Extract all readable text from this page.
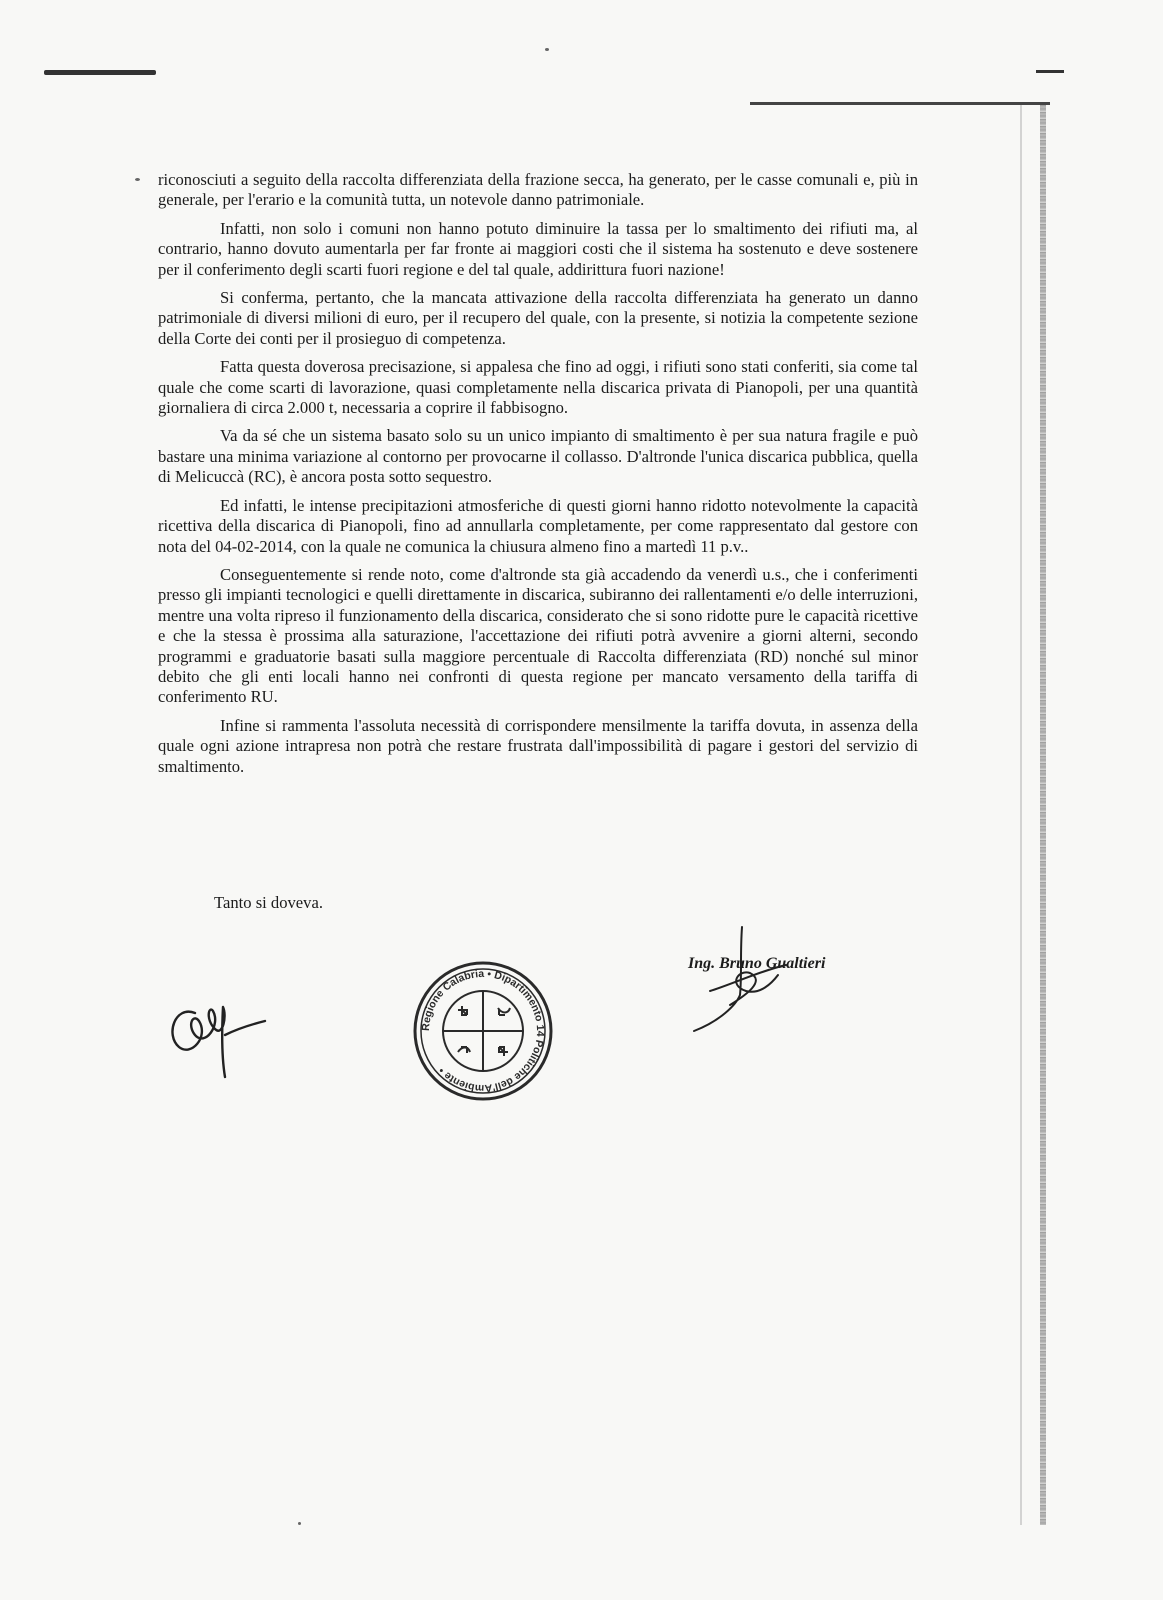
riconosciuti a seguito della raccolta differenziata della frazione secca, ha generato, per le casse comunali e, più in generale, per l'erario e la comunità tutta, un notevole danno patrimoniale.

Infatti, non solo i comuni non hanno potuto diminuire la tassa per lo smaltimento dei rifiuti ma, al contrario, hanno dovuto aumentarla per far fronte ai maggiori costi che il sistema ha sostenuto e deve sostenere per il conferimento degli scarti fuori regione e del tal quale, addirittura fuori nazione!

Si conferma, pertanto, che la mancata attivazione della raccolta differenziata ha generato un danno patrimoniale di diversi milioni di euro, per il recupero del quale, con la presente, si notizia la competente sezione della Corte dei conti per il prosieguo di competenza.

Fatta questa doverosa precisazione, si appalesa che fino ad oggi, i rifiuti sono stati conferiti, sia come tal quale che come scarti di lavorazione, quasi completamente nella discarica privata di Pianopoli, per una quantità giornaliera di circa 2.000 t, necessaria a coprire il fabbisogno.

Va da sé che un sistema basato solo su un unico impianto di smaltimento è per sua natura fragile e può bastare una minima variazione al contorno per provocarne il collasso. D'altronde l'unica discarica pubblica, quella di Melicuccà (RC), è ancora posta sotto sequestro.

Ed infatti, le intense precipitazioni atmosferiche di questi giorni hanno ridotto notevolmente la capacità ricettiva della discarica di Pianopoli, fino ad annullarla completamente, per come rappresentato dal gestore con nota del 04-02-2014, con la quale ne comunica la chiusura almeno fino a martedì 11 p.v..

Conseguentemente si rende noto, come d'altronde sta già accadendo da venerdì u.s., che i conferimenti presso gli impianti tecnologici e quelli direttamente in discarica, subiranno dei rallentamenti e/o delle interruzioni, mentre una volta ripreso il funzionamento della discarica, considerato che si sono ridotte pure le capacità ricettive e che la stessa è prossima alla saturazione, l'accettazione dei rifiuti potrà avvenire a giorni alterni, secondo programmi e graduatorie basati sulla maggiore percentuale di Raccolta differenziata (RD) nonché sul minor debito che gli enti locali hanno nei confronti di questa regione per mancato versamento della tariffa di conferimento RU.

Infine si rammenta l'assoluta necessità di corrispondere mensilmente la tariffa dovuta, in assenza della quale ogni azione intrapresa non potrà che restare frustrata dall'impossibilità di pagare i gestori del servizio di smaltimento.

Tanto si doveva.
Ing. Bruno Gualtieri
Regione Calabria • Dipartimento 14 Politiche dell'Ambiente •
